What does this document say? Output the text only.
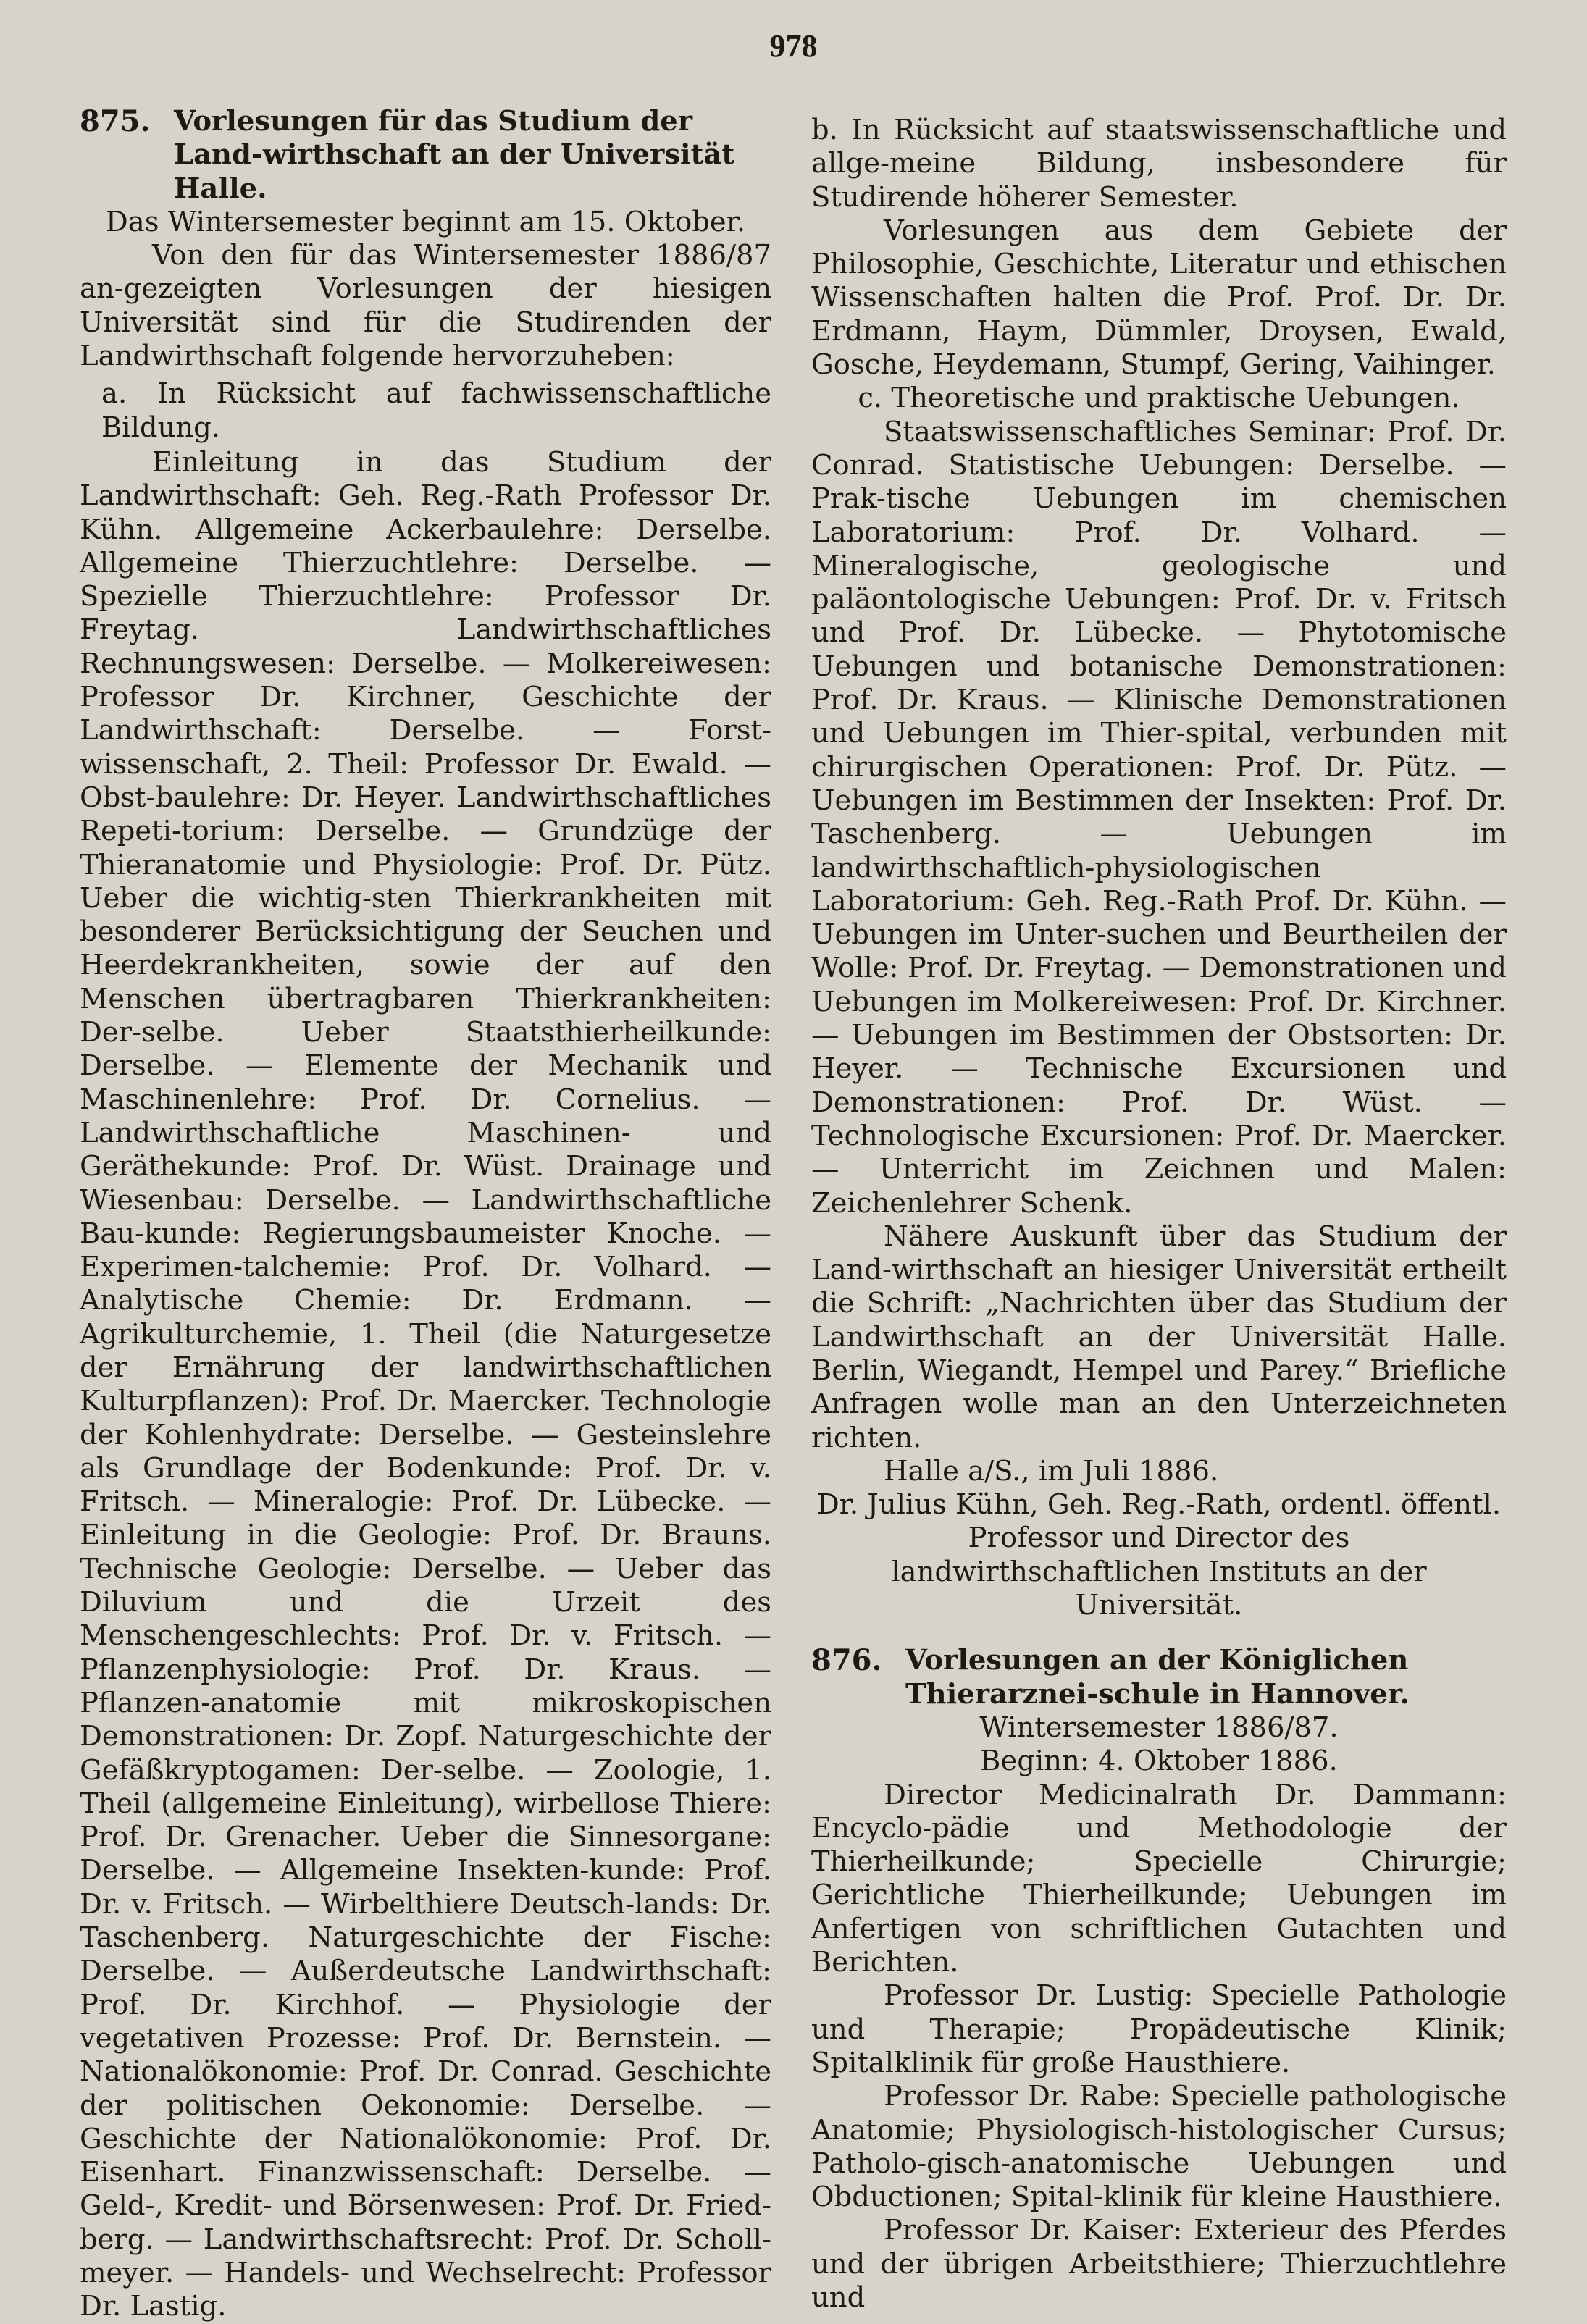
978
875. Vorlesungen für das Studium der Land-wirthschaft an der Universität Halle.

Das Wintersemester beginnt am 15. Oktober.

Von den für das Wintersemester 1886/87 an-gezeigten Vorlesungen der hiesigen Universität sind für die Studirenden der Landwirthschaft folgende hervorzuheben:

a. In Rücksicht auf fachwissenschaftliche Bildung.

Einleitung in das Studium der Landwirthschaft: Geh. Reg.-Rath Professor Dr. Kühn. Allgemeine Ackerbaulehre: Derselbe. Allgemeine Thierzuchtlehre: Derselbe. — Spezielle Thierzuchtlehre: Professor Dr. Freytag. Landwirthschaftliches Rechnungswesen: Derselbe. — Molkereiwesen: Professor Dr. Kirchner, Geschichte der Landwirthschaft: Derselbe. — Forst-wissenschaft, 2. Theil: Professor Dr. Ewald. — Obst-baulehre: Dr. Heyer. Landwirthschaftliches Repeti-torium: Derselbe. — Grundzüge der Thieranatomie und Physiologie: Prof. Dr. Pütz. Ueber die wichtig-sten Thierkrankheiten mit besonderer Berücksichtigung der Seuchen und Heerdekrankheiten, sowie der auf den Menschen übertragbaren Thierkrankheiten: Der-selbe. Ueber Staatsthierheilkunde: Derselbe. — Elemente der Mechanik und Maschinenlehre: Prof. Dr. Cornelius. — Landwirthschaftliche Maschinen- und Geräthekunde: Prof. Dr. Wüst. Drainage und Wiesenbau: Derselbe. — Landwirthschaftliche Bau-kunde: Regierungsbaumeister Knoche. — Experimen-talchemie: Prof. Dr. Volhard. — Analytische Chemie: Dr. Erdmann. — Agrikulturchemie, 1. Theil (die Naturgesetze der Ernährung der landwirthschaftlichen Kulturpflanzen): Prof. Dr. Maercker. Technologie der Kohlenhydrate: Derselbe. — Gesteinslehre als Grundlage der Bodenkunde: Prof. Dr. v. Fritsch. — Mineralogie: Prof. Dr. Lübecke. — Einleitung in die Geologie: Prof. Dr. Brauns. Technische Geologie: Derselbe. — Ueber das Diluvium und die Urzeit des Menschengeschlechts: Prof. Dr. v. Fritsch. — Pflanzenphysiologie: Prof. Dr. Kraus. — Pflanzen-anatomie mit mikroskopischen Demonstrationen: Dr. Zopf. Naturgeschichte der Gefäßkryptogamen: Der-selbe. — Zoologie, 1. Theil (allgemeine Einleitung), wirbellose Thiere: Prof. Dr. Grenacher. Ueber die Sinnesorgane: Derselbe. — Allgemeine Insekten-kunde: Prof. Dr. v. Fritsch. — Wirbelthiere Deutsch-lands: Dr. Taschenberg. Naturgeschichte der Fische: Derselbe. — Außerdeutsche Landwirthschaft: Prof. Dr. Kirchhof. — Physiologie der vegetativen Prozesse: Prof. Dr. Bernstein. — Nationalökonomie: Prof. Dr. Conrad. Geschichte der politischen Oekonomie: Derselbe. — Geschichte der Nationalökonomie: Prof. Dr. Eisenhart. Finanzwissenschaft: Derselbe. — Geld-, Kredit- und Börsenwesen: Prof. Dr. Fried-berg. — Landwirthschaftsrecht: Prof. Dr. Scholl-meyer. — Handels- und Wechselrecht: Professor Dr. Lastig.

b. In Rücksicht auf staatswissenschaftliche und allge-meine Bildung, insbesondere für Studirende höherer Semester.

Vorlesungen aus dem Gebiete der Philosophie, Geschichte, Literatur und ethischen Wissenschaften halten die Prof. Prof. Dr. Dr. Erdmann, Haym, Dümmler, Droysen, Ewald, Gosche, Heydemann, Stumpf, Gering, Vaihinger.

c. Theoretische und praktische Uebungen.

Staatswissenschaftliches Seminar: Prof. Dr. Conrad. Statistische Uebungen: Derselbe. — Prak-tische Uebungen im chemischen Laboratorium: Prof. Dr. Volhard. — Mineralogische, geologische und paläontologische Uebungen: Prof. Dr. v. Fritsch und Prof. Dr. Lübecke. — Phytotomische Uebungen und botanische Demonstrationen: Prof. Dr. Kraus. — Klinische Demonstrationen und Uebungen im Thier-spital, verbunden mit chirurgischen Operationen: Prof. Dr. Pütz. — Uebungen im Bestimmen der Insekten: Prof. Dr. Taschenberg. — Uebungen im landwirthschaftlich-physiologischen Laboratorium: Geh. Reg.-Rath Prof. Dr. Kühn. — Uebungen im Unter-suchen und Beurtheilen der Wolle: Prof. Dr. Freytag. — Demonstrationen und Uebungen im Molkereiwesen: Prof. Dr. Kirchner. — Uebungen im Bestimmen der Obstsorten: Dr. Heyer. — Technische Excursionen und Demonstrationen: Prof. Dr. Wüst. — Technologische Excursionen: Prof. Dr. Maercker. — Unterricht im Zeichnen und Malen: Zeichenlehrer Schenk.

Nähere Auskunft über das Studium der Land-wirthschaft an hiesiger Universität ertheilt die Schrift: „Nachrichten über das Studium der Landwirthschaft an der Universität Halle. Berlin, Wiegandt, Hempel und Parey.“ Briefliche Anfragen wolle man an den Unterzeichneten richten.

Halle a/S., im Juli 1886.

Dr. Julius Kühn, Geh. Reg.-Rath, ordentl. öffentl. Professor und Director des landwirthschaftlichen Instituts an der Universität.

876. Vorlesungen an der Königlichen Thierarznei-schule in Hannover.

Wintersemester 1886/87.

Beginn: 4. Oktober 1886.

Director Medicinalrath Dr. Dammann: Encyclo-pädie und Methodologie der Thierheilkunde; Specielle Chirurgie; Gerichtliche Thierheilkunde; Uebungen im Anfertigen von schriftlichen Gutachten und Berichten.

Professor Dr. Lustig: Specielle Pathologie und Therapie; Propädeutische Klinik; Spitalklinik für große Hausthiere.

Professor Dr. Rabe: Specielle pathologische Anatomie; Physiologisch-histologischer Cursus; Patholo-gisch-anatomische Uebungen und Obductionen; Spital-klinik für kleine Hausthiere.

Professor Dr. Kaiser: Exterieur des Pferdes und der übrigen Arbeitsthiere; Thierzuchtlehre und
